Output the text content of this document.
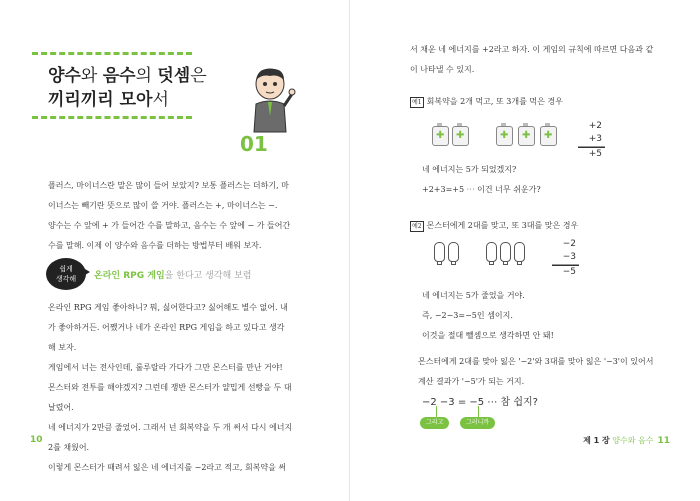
양수와 음수의 덧셈은
끼리끼리 모아서
01
플러스, 마이너스란 말은 많이 들어 보았지? 보통 플러스는 더하기, 마
이너스는 빼기란 뜻으로 많이 쓸 거야. 플러스는 +, 마이너스는 −.
양수는 수 앞에 + 가 들어간 수를 말하고, 음수는 수 앞에 − 가 들어간
수를 말해. 이제 이 양수와 음수를 더하는 방법부터 배워 보자.
쉽게
생각해	온라인 RPG 게임을 한다고 생각해 보렴
온라인 RPG 게임 좋아하니? 뭐, 싫어한다고? 싫어해도 별수 없어. 내
가 좋아하거든. 어쨌거나 네가 온라인 RPG 게임을 하고 있다고 생각
해 보자.
게임에서 너는 전사인데, 룰루랄라 가다가 그만 몬스터를 만난 거야!
몬스터와 전투를 해야겠지? 그런데 쟁반 몬스터가 얄밉게 선빵을 두 대
날렸어.
네 에너지가 2만큼 줄었어. 그래서 넌 회복약을 두 개 써서 다시 에너지
2를 채웠어.
이렇게 몬스터가 때려서 잃은 네 에너지를 −2라고 적고, 회복약을 써
10
서 채운 네 에너지를 +2라고 하자. 이 게임의 규칙에 따르면 다음과 같
이 나타낼 수 있지.
예1 회복약을 2개 먹고, 또 3개를 먹은 경우
✚ ✚	✚ ✚ ✚
+2
+3
+5
네 에너지는 5가 되었겠지?
+2+3=+5 ⋯ 이건 너무 쉬운가?
예2 몬스터에게 2대를 맞고, 또 3대를 맞은 경우
−2
−3
−5
네 에너지는 5가 줄었을 거야.
즉, −2−3=−5인 셈이지.
이것을 절대 뺄셈으로 생각하면 안 돼!
몬스터에게 2대를 맞아 잃은 '−2'와 3대를 맞아 잃은 '−3'이 있어서
계산 결과가 '−5'가 되는 거지.
−2 −3 = −5 ⋯ 참 쉽지?
그리고	그러니까
제 1 장 양수와 음수 11
